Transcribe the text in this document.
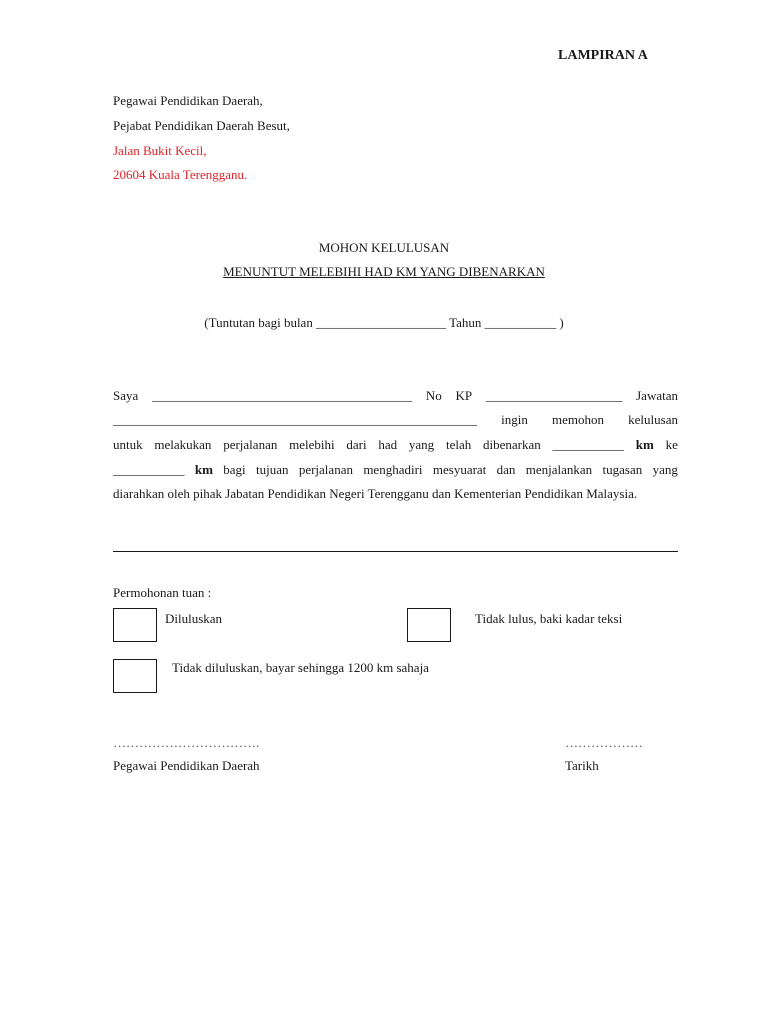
LAMPIRAN A
Pegawai Pendidikan Daerah,
Pejabat Pendidikan Daerah Besut,
Jalan Bukit Kecil,
20604 Kuala Terengganu.
MOHON KELULUSAN
MENUNTUT MELEBIHI HAD KM YANG DIBENARKAN
(Tuntutan bagi bulan ____________________ Tahun ___________ )
Saya ________________________________________ No KP _____________________ Jawatan
________________________________________________________ ingin memohon kelulusan
untuk melakukan perjalanan melebihi dari had yang telah dibenarkan ___________ km ke
___________ km bagi tujuan perjalanan menghadiri mesyuarat dan menjalankan tugasan yang
diarahkan oleh pihak Jabatan Pendidikan Negeri Terengganu dan Kementerian Pendidikan Malaysia.
Permohonan tuan :
Diluluskan	Tidak lulus, baki kadar teksi
Tidak diluluskan, bayar sehingga 1200 km sahaja
…………………………….
Pegawai Pendidikan Daerah
………………
Tarikh
